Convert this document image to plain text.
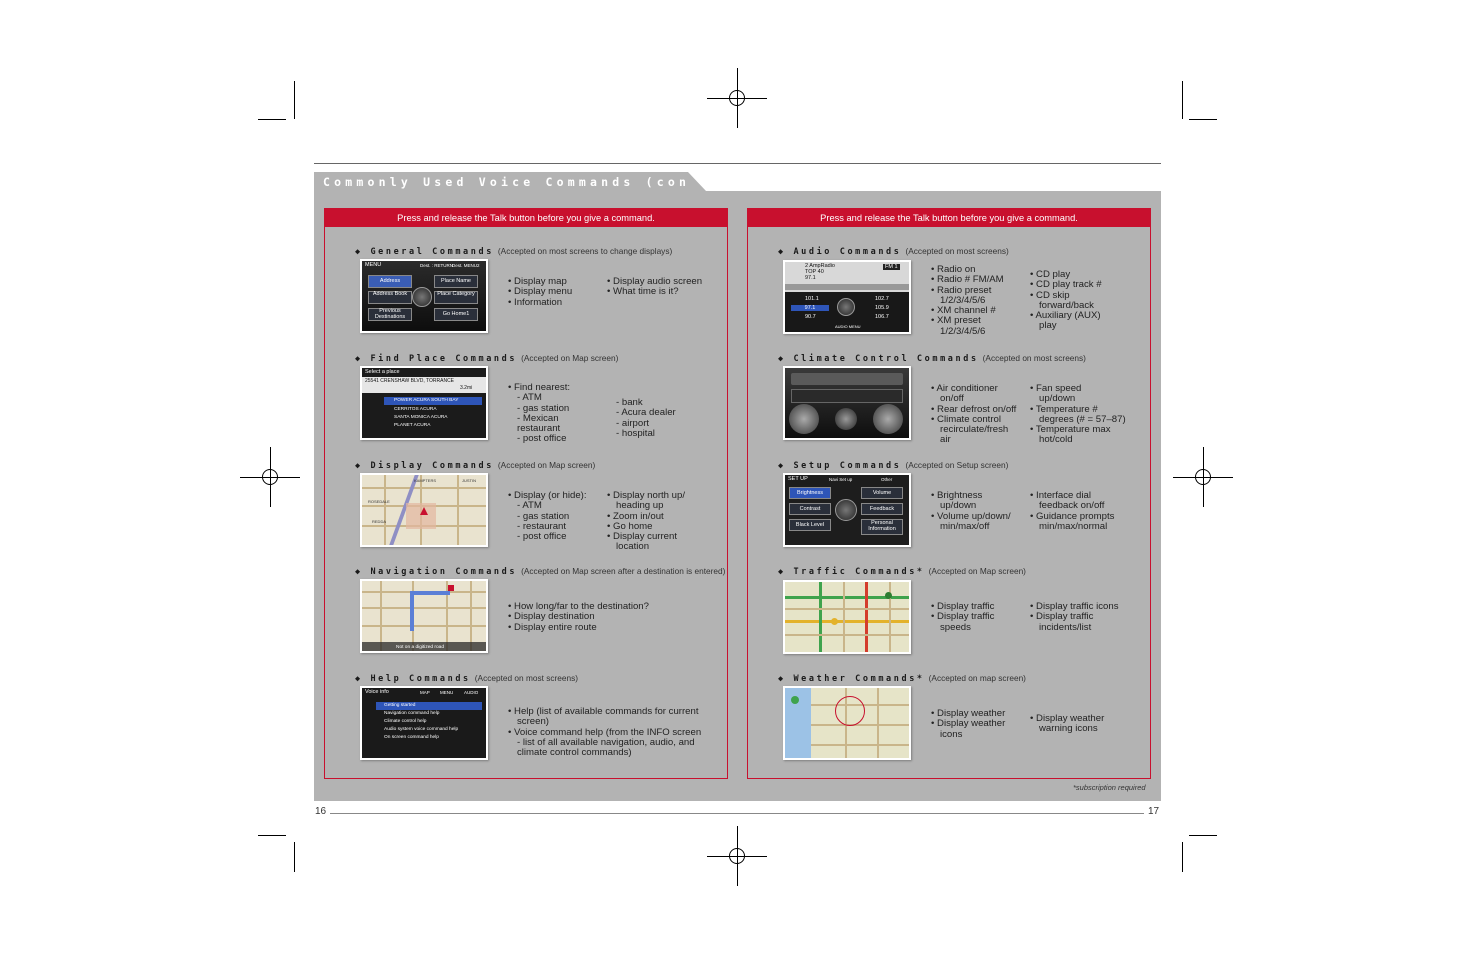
Commonly Used Voice Commands (continued)
Press and release the Talk button before you give a command.
◆ General Commands (Accepted on most screens to change displays)
MENU	Dest. : RETURN
Dest. MENU2
Address	Place Name
Address Book	Place Category
Previous Destinations	Go Home1
• Display map
• Display menu
• Information
• Display audio screen
• What time is it?
◆ Find Place Commands (Accepted on Map screen)
Select a place
25541 CRENSHAW BLVD, TORRANCE
3.2mi
POWER ACURA SOUTH BAY
CERRITOS ACURA
SANTA MONICA ACURA
PLANET ACURA
• Find nearest:
- ATM
- gas station
- Mexican restaurant
- post office
- bank
- Acura dealer
- airport
- hospital
◆ Display Commands (Accepted on Map screen)
KAMPTERS	JUSTIN
ROSEDALE
REDDA
• Display (or hide):
- ATM
- gas station
- restaurant
- post office
• Display north up/ heading up
• Zoom in/out
• Go home
• Display current location
◆ Navigation Commands (Accepted on Map screen after a destination is entered)
Not on a digitized road
• How long/far to the destination?
• Display destination
• Display entire route
◆ Help Commands (Accepted on most screens)
Voice info	MAP MENU AUDIO
Getting started
Navigation command help
Climate control help
Audio system voice command help
On screen command help
• Help (list of available commands for current screen)
• Voice command help (from the INFO screen - list of all available navigation, audio, and climate control commands)
Press and release the Talk button before you give a command.
◆ Audio Commands (Accepted on most screens)
2 AmpRadio
TOP 40
97.1
FM 1
101.1
97.1
90.7
102.7
105.9
106.7
AUDIO MENU
• Radio on
• Radio # FM/AM
• Radio preset 1/2/3/4/5/6
• XM channel #
• XM preset 1/2/3/4/5/6
• CD play
• CD play track #
• CD skip forward/back
• Auxiliary (AUX) play
◆ Climate Control Commands (Accepted on most screens)
• Air conditioner on/off
• Rear defrost on/off
• Climate control recirculate/fresh air
• Fan speed up/down
• Temperature # degrees (# = 57–87)
• Temperature max hot/cold
◆ Setup Commands (Accepted on Setup screen)
SET UP	Navi Set up	Other
Brightness	Volume
Contrast	Feedback
Black Level	Personal Information
• Brightness up/down
• Volume up/down/ min/max/off
• Interface dial feedback on/off
• Guidance prompts min/max/normal
◆ Traffic Commands* (Accepted on Map screen)
• Display traffic
• Display traffic speeds
• Display traffic icons
• Display traffic incidents/list
◆ Weather Commands* (Accepted on map screen)
• Display weather
• Display weather icons
• Display weather warning icons
*subscription required
16	17
